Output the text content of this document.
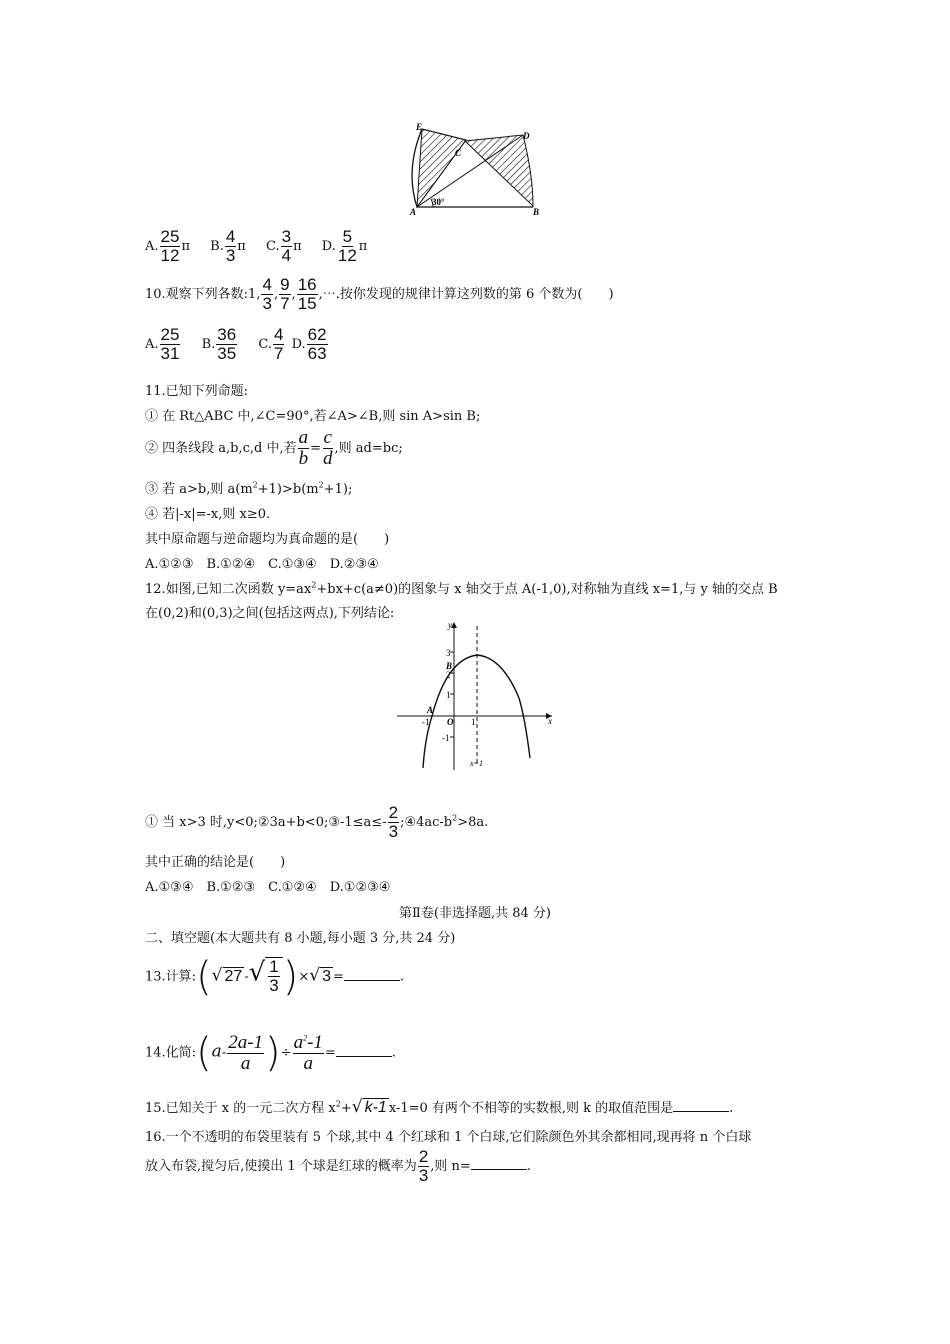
E
D
C
A	B
30°
A. $\frac{25}{12}$ π B. $\frac{4}{3}$ π C. $\frac{3}{4}$ π D. $\frac{5}{12}$ π
10.观察下列各数:1, $\frac{4}{3}$ , $\frac{9}{7}$ , $\frac{16}{15}$ ,⋯.按你发现的规律计算这列数的第 6 个数为(　　)
A. $\frac{25}{31} B$. $\frac{36}{35} C$. $\frac{4}{7} D$. $\frac{62}{63}$
11.已知下列命题:
① 在 Rt△ABC 中,∠C=90°,若∠A>∠B,则 sin A>sin B;
② 四条线段 a,b,c,d 中,若 $\frac{a}{b} = \frac{c}{d}$ ,则 ad=bc;
③ 若 a>b,则 $a(m^2+1)>b(m^2+1)$;
④ 若|-x|=-x,则 x≥0.
其中原命题与逆命题均为真命题的是(　　)
A.①②③　B.①②④　C.①③④　D.②③④
12.如图,已知二次函数 $y=ax^2+bx+c(a\ne 0)$的图象与 x 轴交于点 A(-1,0),对称轴为直线 x=1,与 y 轴的交点 B
在(0,2)和(0,3)之间(包括这两点),下列结论:
y
x
O
A
B
3
2
1
-1
-1	1
x=1
① 当 x>3 时,y<0;②3a+b<0;③-1≤a≤- $\frac{2}{3}$ $;④4ac-b^2>8a$.
其中正确的结论是(　　)
A.①③④　B.①②③　C.①②④　D.①②③④
第Ⅱ卷(非选择题,共 84 分)
二、填空题(本大题共有 8 小题,每小题 3 分,共 24 分)
13.计算:(√ 27 -√ $\frac{1}{3}$ )×√ 3 =	.
14.化简:(a- $\frac{2a-1}{a}$ )÷ $\frac{a^2-1}{a}$ =	.
15.已知关于 x 的一元二次方程 $x^2+√$ k-1 x-1=0 有两个不相等的实数根,则 k 的取值范围是	.
16.一个不透明的布袋里装有 5 个球,其中 4 个红球和 1 个白球,它们除颜色外其余都相同,现再将 n 个白球
放入布袋,搅匀后,使摸出 1 个球是红球的概率为 $\frac{2}{3}$ ,则 n=	.
